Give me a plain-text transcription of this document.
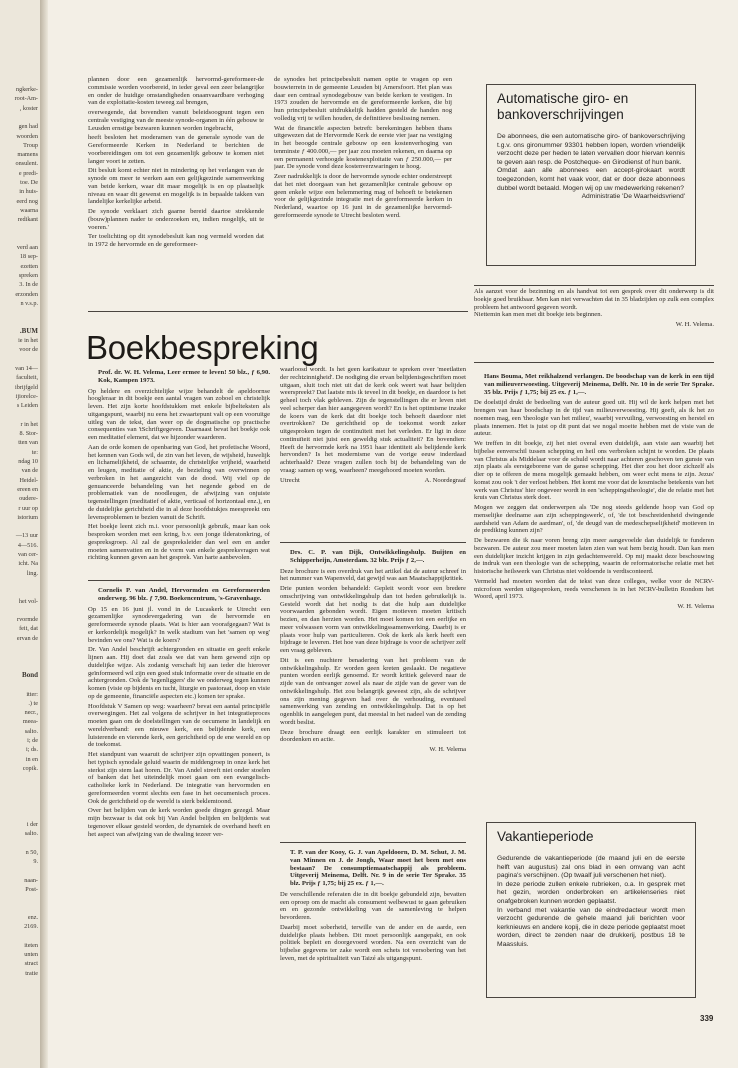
ngkerke-
root-Am-
, koster
gen had
woorden
Troup
mamens
onsulent.
e predi-
toe. De
in huis-
eerd nog
waarna
redikant
verd aan
18 sep-
ezetten
spreken
3. In de
erzonden
n v.s.p.
.BUM
ie in het
voor de
van 14—
faculteit,
ibrijfgeld
ijiorelce-
s Leiden
r in het
8. Stor-
tten van
te:
ndag 10
van de
Heidel-
ereen en
oudere-
r uur op
istorium
—13 uur
4—516.
van cer-
icht. Na
ling.
het vol-
rvormde
feit, dat
ervan de
Bond
itter:
.) te
necr.,
meea-
salto.
i; de
i; ds.
in en
copik.
i der
salto.
n 50,
9.
naan-
Post-
enz.
2169.
iteten
unten
stract
tratie

plannen door een gezamenlijk hervormd-gereformeer-de commissie worden voorbereid, in ieder geval een zeer belangrijke en onder de huidige omstandigheden onaanvaardbare verhoging van de exploitatie-kosten teweeg zal brengen,

overwegende, dat bovendien vanuit beleidsoogpunt tegen een centrale vestiging van de meeste synode-organen in één gebouw te Leusden ernstige bezwaren kunnen worden ingebracht,

heeft besloten het moderamen van de generale synode van de Gereformeerde Kerken in Nederland te berichten de voorbereidingen om tot een gezamenlijk gebouw te komen niet langer voort te zetten.

Dit besluit komt echter niet in mindering op het verlangen van de synode om meer te werken aan een gelijkgezinde samenwerking van beide kerken, waar dit maar mogelijk is en op plaatselijk niveau en waar dit gewenst en mogelijk is in bepaalde takken van landelijke kerkelijke arbeid.

De synode verklaart zich gaarne bereid daartoe strekkende (bouw)plannen nader te onderzoeken en, indien mogelijk, uit te voeren.'

Ter toelichting op dit synodebesluit kan nog vermeld worden dat in 1972 de hervormde en de gereformeer-

de synodes het principebesluit namen optie te vragen op een bouwterrein in de gemeente Leusden bij Amersfoort. Het plan was daar een centraal synodegebouw van beide kerken te vestigen. In 1973 zouden de hervormde en de gereformeerde kerken, die bij hun principebesluit uitdrukkelijk hadden gesteld de handen nog volledig vrij te willen houden, de definitieve beslissing nemen.

Wat de financiële aspecten betreft: berekeningen hebben thans uitgewezen dat de Hervormde Kerk de eerste vier jaar na vestiging in het beoogde centrale gebouw op een kostenverhoging van tenminste ƒ 400.000,— per jaar zou moeten rekenen, en daarna op een permanent verhoogde kostenexploitatie van ƒ 250.000,— per jaar. De synode vond deze kostenverzwaringen te hoog.

Zeer nadrukkelijk is door de hervormde synode echter onderstreept dat het niet doorgaan van het gezamenlijke centrale gebouw op geen enkele wijze een belemmering mag of behoeft te betekenen voor de gelijkgezinde integratie met de gereformeerde kerken in Nederland, waartoe op 16 juni in de gezamenlijke hervormd-gereformeerde synode te Utrecht besloten werd.

Automatische giro- en bankoverschrijvingen

De abonnees, die een automatische giro- of bankoverschrijving t.g.v. ons gironummer 93301 hebben lopen, worden vriendelijk verzocht deze per heden te laten vervallen door hiervan kennis te geven aan resp. de Postcheque- en Girodienst of hun bank.

Omdat aan alle abonnees een accept-girokaart wordt toegezonden, komt het vaak voor, dat er door deze abonnees dubbel wordt betaald. Mogen wij op uw medewerking rekenen?

Administratie 'De Waarheidsvriend'

Als aanzet voor de bezinning en als handvat tot een gesprek over dit onderwerp is dit boekje goed bruikbaar. Men kan niet verwachten dat in 35 bladzijden op zulk een complex probleem het antwoord gegeven wordt.
Niettemin kan men met dit boekje iets beginnen.

W. H. Velema.
Boekbespreking
Prof. dr. W. H. Velema, Leer ermee te leven! 50 blz., ƒ 6,90. Kok, Kampen 1973.

Op heldere en overzichtelijke wijze behandelt de apeldoornse hoogleraar in dit boekje een aantal vragen van zoboel en christelijk leven. Het zijn korte hoofdstukken met enkele bijbelteksten als uitgangspunt, waarbij nu eens het zwaartepunt valt op een vooruitge uitleg van de tekst, dan weer op de dogmatische op practische consequenties van 'tSchriftgegeven. Daarnaast bevat het boekje ook een meditatief element, dat we hijzonder waarderen.

Aan de orde komen de openbaring van God, het profetische Woord, het kennen van Gods wil, de zin van het leven, de wijsheid, huwelijk en lichamelijkheid, de schaamte, de christelijke vrijheid, waarheid en leugen, meditatie of aktie, de bezieling van overwinnen op verbroken in het aangezicht van de dood. Wij viel op de genuanceerde behandeling van het negende gebod en de problematiek van de noodleugen, de afwijzing van onjuiste tegenstellingen (meditatief of aktie, verticaal of horizontaal enz.), en de duidelijke gerichtheid die in al deze hoofdstukjes meespreekt om levensproblemen te bezien vanuit de Schrift.

Het boekje leent zich m.i. voor persoonlijk gebruik, maar kan ook besproken worden met een kring, b.v. een jonge ilderatonkring, of gespreksgroep. Al zal de gespreksleider dan wel een en ander moeten samenvatten en in de vorm van enkele gespreksvragen wat richting kunnen geven aan het gesprek. Van harte aanbevolen.

Cornelis P. van Andel, Hervormden en Gereformeerden onderweg. 96 blz. ƒ 7,90. Boekencentrum, 's-Gravenhage.

Op 15 en 16 juni jl. vond in de Lucaskerk te Utrecht een gezamenlijke synodevergadering van de hervormde en gereformeerde synode plaats. Wat is hier aan voorafgegaan? Wat is er kerkordelijk mogelijk? In welk stadium van het 'samen op weg' bevinden we ons? Wat is de koers?

Dr. Van Andel beschrijft achtergronden en situatie en geeft enkele lijnen aan. Hij doet dat zoals we dat van hem gewend zijn op duidelijke wijze. Als zodanig verschaft hij aan ieder die hierover geïnformeerd wil zijn een goed stuk informatie over de situatie en de achtergronden. Ook de 'tegenliggers' die we onderweg tegen kunnen komen (visie op bijdenis en tucht, liturgie en pastoraat, doop en visie op de gemeente, financiële aspecten etc.) komen ter sprake.

Hoofdstuk V Samen op weg: waarheen? bevat een aantal principiële overwegingen. Het zal volgens de schrijver in het integratieproces moeten gaan om de doelstellingen van de oecumene in landelijk en wereldverband: een nieuwe kerk, een belijdende kerk, een luisterende en vierende kerk, een gerichtheid op de ene wereld en op de toekomst.

Het standpunt van waaruit de schrijver zijn opvattingen poneert, is het typisch synodale geluid waarin de middengroep in onze kerk het sterkst zijn stem laat horen. Dr. Van Andel streeft niet onder stoelen of banken dat het uiteindelijk moet gaan om een evangelisch-catholieke kerk in Nederland. De integratie van hervormden en gereformeerden vormt slechts een fase in het oecumenisch proces. Ook de gerichtheid op de wereld is sterk beklemtoond.

Over het belijden van de kerk worden goede dingen gezegd. Maar mijn bezwaar is dat ook bij Van Andel belijden en belijdenis wat tegenover elkaar gesteld worden, de dynamiek de overhand heeft en het aspect van afwijzing van de dwaling tezeer ver-

waarloosd wordt. Is het geen karikatuur te spreken over 'meetlatten der rechtzinnigheid'. De nodiging die ervan belijdenisgeschriften moet uitgaan, sluit toch niet uit dat de kerk ook weert wat haar belijden weerspreekt? Dat laatste mis ik teveel in dit boekje, en daardoor is het geheel toch vlak gebleven. Zijn de tegenstellingen die er leven niet veel scherper dan hier aangegeven wordt? En is het optimisme inzake de koers van de kerk dat dit boekje toch behoeft daardoor niet overtrokken? De gerichtheid op de toekomst wordt zeker uitgesproken tegen de continuïteit met het verleden. Er ligt in deze continuïteit niet juist een geweldig stuk actualiteit? En bovendien: Heeft de hervormde kerk na 1951 haar identiteit als belijdende kerk hervonden? Is het modernisme van de vorige eeuw inderdaad achterhaald? Deze vragen zullen toch bij de behandeling van de vraag: samen op weg, waarheen? meegehoord moeten worden.

Utrecht	A. Noordegraaf
Drs. C. P. van Dijk, Ontwikkelingshulp. Buijten en Schipperheijn, Amsterdam. 32 blz. Prijs ƒ 2,—.

Deze brochure is een overdruk van het artikel dat de auteur schreef in het nummer van Wapenveld, dat gewijd was aan Maatschappijkritiek.

Drie punten worden behandeld: Gepleit wordt voor een bredere omschrijving van ontwikkelingshulp dan tot heden gebruikelijk is. Gesteld wordt dat het nodig is dat die hulp aan duidelijke voorwaarden gebonden wordt. Eigen motieven moeten kritisch bezien, en dan herzien worden. Het moet komen tot een eerlijke en meer volwassen vorm van ontwikkelingssamenwerking. Daarbij is er plaats voor hulp van particulieren. Ook de kerk als kerk heeft een bijdrage te leveren. Het hoe van deze bijdrage is voor de schrijver zelf een vraag gebleven.

Dit is een nuchtere benadering van het probleem van de ontwikkelingshulp. Er worden geen kreten geslaakt. De negatieve punten worden eerlijk genoemd. Er wordt kritiek geleverd naar de zijde van de ontvanger zowel als naar de zijde van de gever van de ontwikkelingshulp. Het zou belangrijk geweest zijn, als de schrijver ons zijn mening gegeven had over de verhouding, eventueel samenwerking van zending en ontwikkelingshulp. Dat is op het ogenblik in aangelegen punt, dat meestal in het nadeel van de zending wordt beslist.

Deze brochure draagt een eerlijk karakter en stimuleert tot doordenken en actie.

W. H. Velema
T. P. van der Kooy, G. J. van Apeldoorn, D. M. Schut, J. M. van Minnen en J. de Jongh, Waar moet het been met ons bestaan? De consumptiemaatschappij als probleem. Uitgeverij Meinema, Delft. Nr. 9 in de serie Ter Sprake. 35 blz. Prijs ƒ 1,75; bij 25 ex. ƒ 1,—.

De verschillende referaten die in dit boekje gebundeld zijn, bevatten een oproep om de macht als consument welbewust te gaan gebruiken en en gezonde ontwikkeling van de samenleving te helpen bevorderen.

Daarbij moet soberheid, terwille van de ander en de aarde, een duidelijke plaats hebben. Dit moet persoonlijk aangepakt, en ook politiek bepleit en doorgevoerd worden. Na een overzicht van de bijbelse gegevens ter zake wordt een schets tot versobering van het leven, met de spiritualiteit van Taizé als uitgangspunt.

Hans Bouma, Met reikhalzend verlangen. De boodschap van de kerk in een tijd van milieuverwoesting. Uitgeverij Meinema, Delft. Nr. 10 in de serie Ter Sprake. 35 blz. Prijs ƒ 1,75; bij 25 ex. ƒ 1,—.

De doelstijd drukt de bedoeling van de auteur goed uit. Hij wil de kerk helpen met het brengen van haar boodschap in de tijd van milieuverwoesting. Hij geeft, als ik het zo noemen mag, een 'theologie van het milieu', waarbij vervuiling, verwoesting en herstel en plaats innemen. Het is juist op dit punt dat we nogal moeite hebben met de visie van de auteur.

We treffen in dit boekje, zij het niet overal even duidelijk, aan visie aan waarbij het bijbelse eenverschil tussen schepping en heil ons verbroken schijnt te worden. De plaats van Christus als Middelaar voor de schuld wordt naar achteren geschoven ten gunste van zijn plaats als eerstgeborene van de ganse schepping. Het dier zou het door zichzelf als dier op te offeren de mens mogelijk gemaakt hebben, om weer echt mens te zijn. Jezus' komst zou ook 't der verlost hebben. Het komt me voor dat de kosmische betekenis van het werk van Christus' hier ongeveer wordt in een 'scheppingstheologie', die de relatie met het kruis van Christus sterk doet.

Mogen we zeggen dat onderwerpen als 'De nog steeds geldende hoop van God op menselijke deelname aan zijn scheppingswerk', of, 'de tot beschreidenheid dwingende aardsheid van Adam de aardman', of, 'de deugd van de medeschepselijkheid' motieven in de prediking kunnen zijn?

De bezwaren die ik naar voren breng zijn meer aangevoelde dan duidelijk te funderen bezwaren. De auteur zou meer moeten laten zien van wat hem bezig houdt. Dan kan men een duidelijker inzicht krijgen in zijn gedachtenwereld. Op mij maakt deze beschouwing de indruk van een theologie van de schepping, waarin de reformatorische relatie met het historische heilswerk van Christus niet voldoende is verdisconteerd.

Vermeld had moeten worden dat de tekst van deze colleges, welke voor de NCRV-microfoon werden uitgesproken, reeds verschenen is in het NCRV-bulletin Rondom het Woord, april 1973.

W. H. Velema
Vakantieperiode

Gedurende de vakantieperiode (de maand juli en de eerste helft van augustus) zal ons blad in een omvang van acht pagina's verschijnen. (Op twaalf juli verschenen het niet).

In deze periode zullen enkele rubrieken, o.a. In gesprek met het gezin, worden onderbroken en artikelenseries niet onafgebroken kunnen worden geplaatst.

In verband met vakantie van de eindredacteur wordt men verzocht gedurende de gehele maand juli berichten voor kerknieuws en andere kopij, die in deze periode geplaatst moet worden, direct te zenden naar de drukkerij, postbus 18 te Maassluis.

339
